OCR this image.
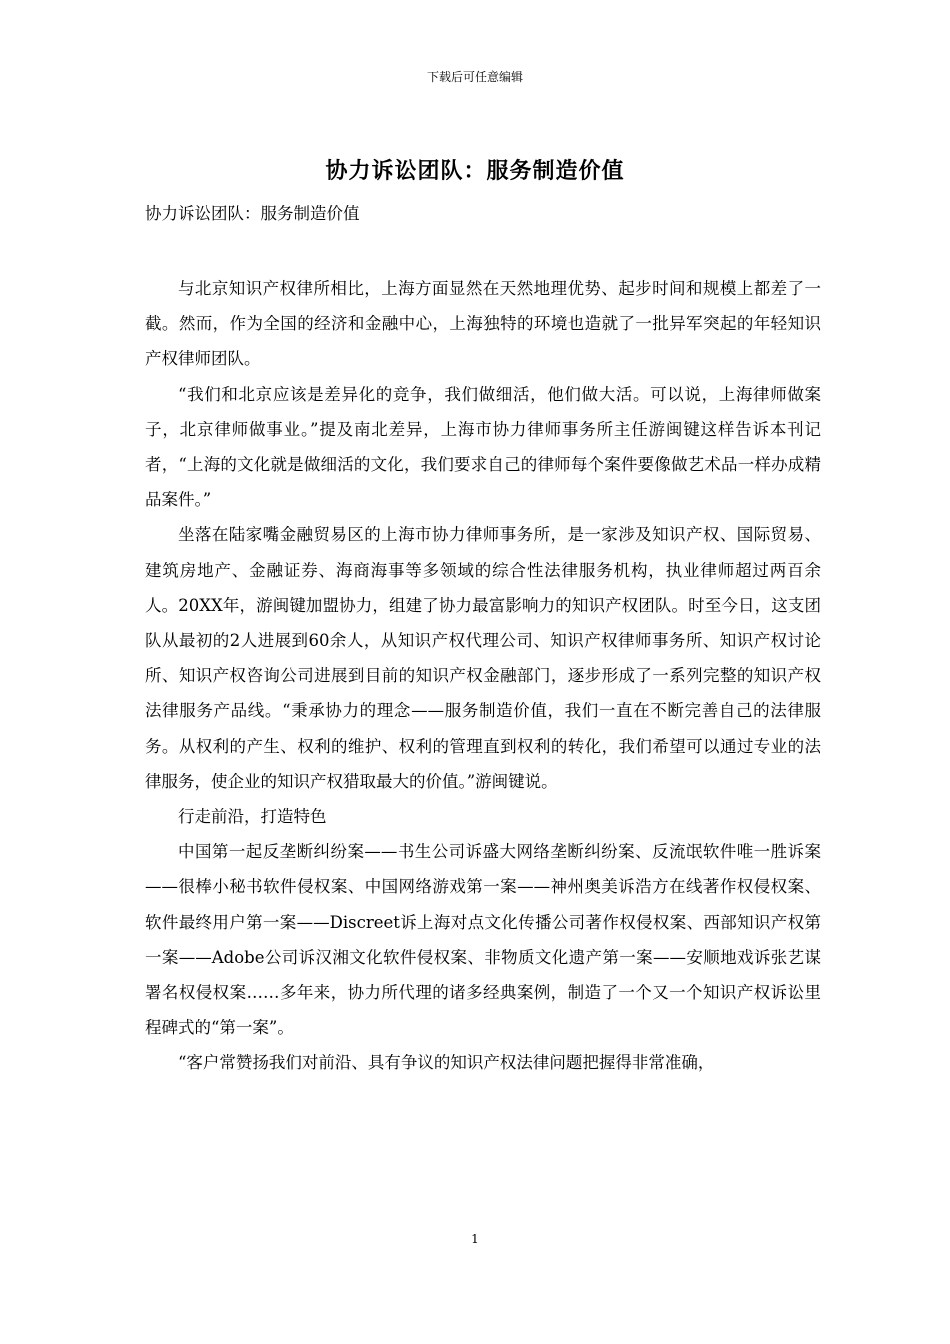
下载后可任意编辑
协力诉讼团队：服务制造价值
协力诉讼团队：服务制造价值

与北京知识产权律所相比，上海方面显然在天然地理优势、起步时间和规模上都差了一截。然而，作为全国的经济和金融中心，上海独特的环境也造就了一批异军突起的年轻知识产权律师团队。

“我们和北京应该是差异化的竞争，我们做细活，他们做大活。可以说，上海律师做案子，北京律师做事业。”提及南北差异，上海市协力律师事务所主任游闽键这样告诉本刊记者，“上海的文化就是做细活的文化，我们要求自己的律师每个案件要像做艺术品一样办成精品案件。”

坐落在陆家嘴金融贸易区的上海市协力律师事务所，是一家涉及知识产权、国际贸易、建筑房地产、金融证券、海商海事等多领域的综合性法律服务机构，执业律师超过两百余人。20XX年，游闽键加盟协力，组建了协力最富影响力的知识产权团队。时至今日，这支团队从最初的2人进展到60余人，从知识产权代理公司、知识产权律师事务所、知识产权讨论所、知识产权咨询公司进展到目前的知识产权金融部门，逐步形成了一系列完整的知识产权法律服务产品线。“秉承协力的理念——服务制造价值，我们一直在不断完善自己的法律服务。从权利的产生、权利的维护、权利的管理直到权利的转化，我们希望可以通过专业的法律服务，使企业的知识产权猎取最大的价值。”游闽键说。

行走前沿，打造特色

中国第一起反垄断纠纷案——书生公司诉盛大网络垄断纠纷案、反流氓软件唯一胜诉案——很棒小秘书软件侵权案、中国网络游戏第一案——神州奥美诉浩方在线著作权侵权案、软件最终用户第一案——Discreet诉上海对点文化传播公司著作权侵权案、西部知识产权第一案——Adobe公司诉汉湘文化软件侵权案、非物质文化遗产第一案——安顺地戏诉张艺谋署名权侵权案……多年来，协力所代理的诸多经典案例，制造了一个又一个知识产权诉讼里程碑式的“第一案”。

“客户常赞扬我们对前沿、具有争议的知识产权法律问题把握得非常准确，

1
